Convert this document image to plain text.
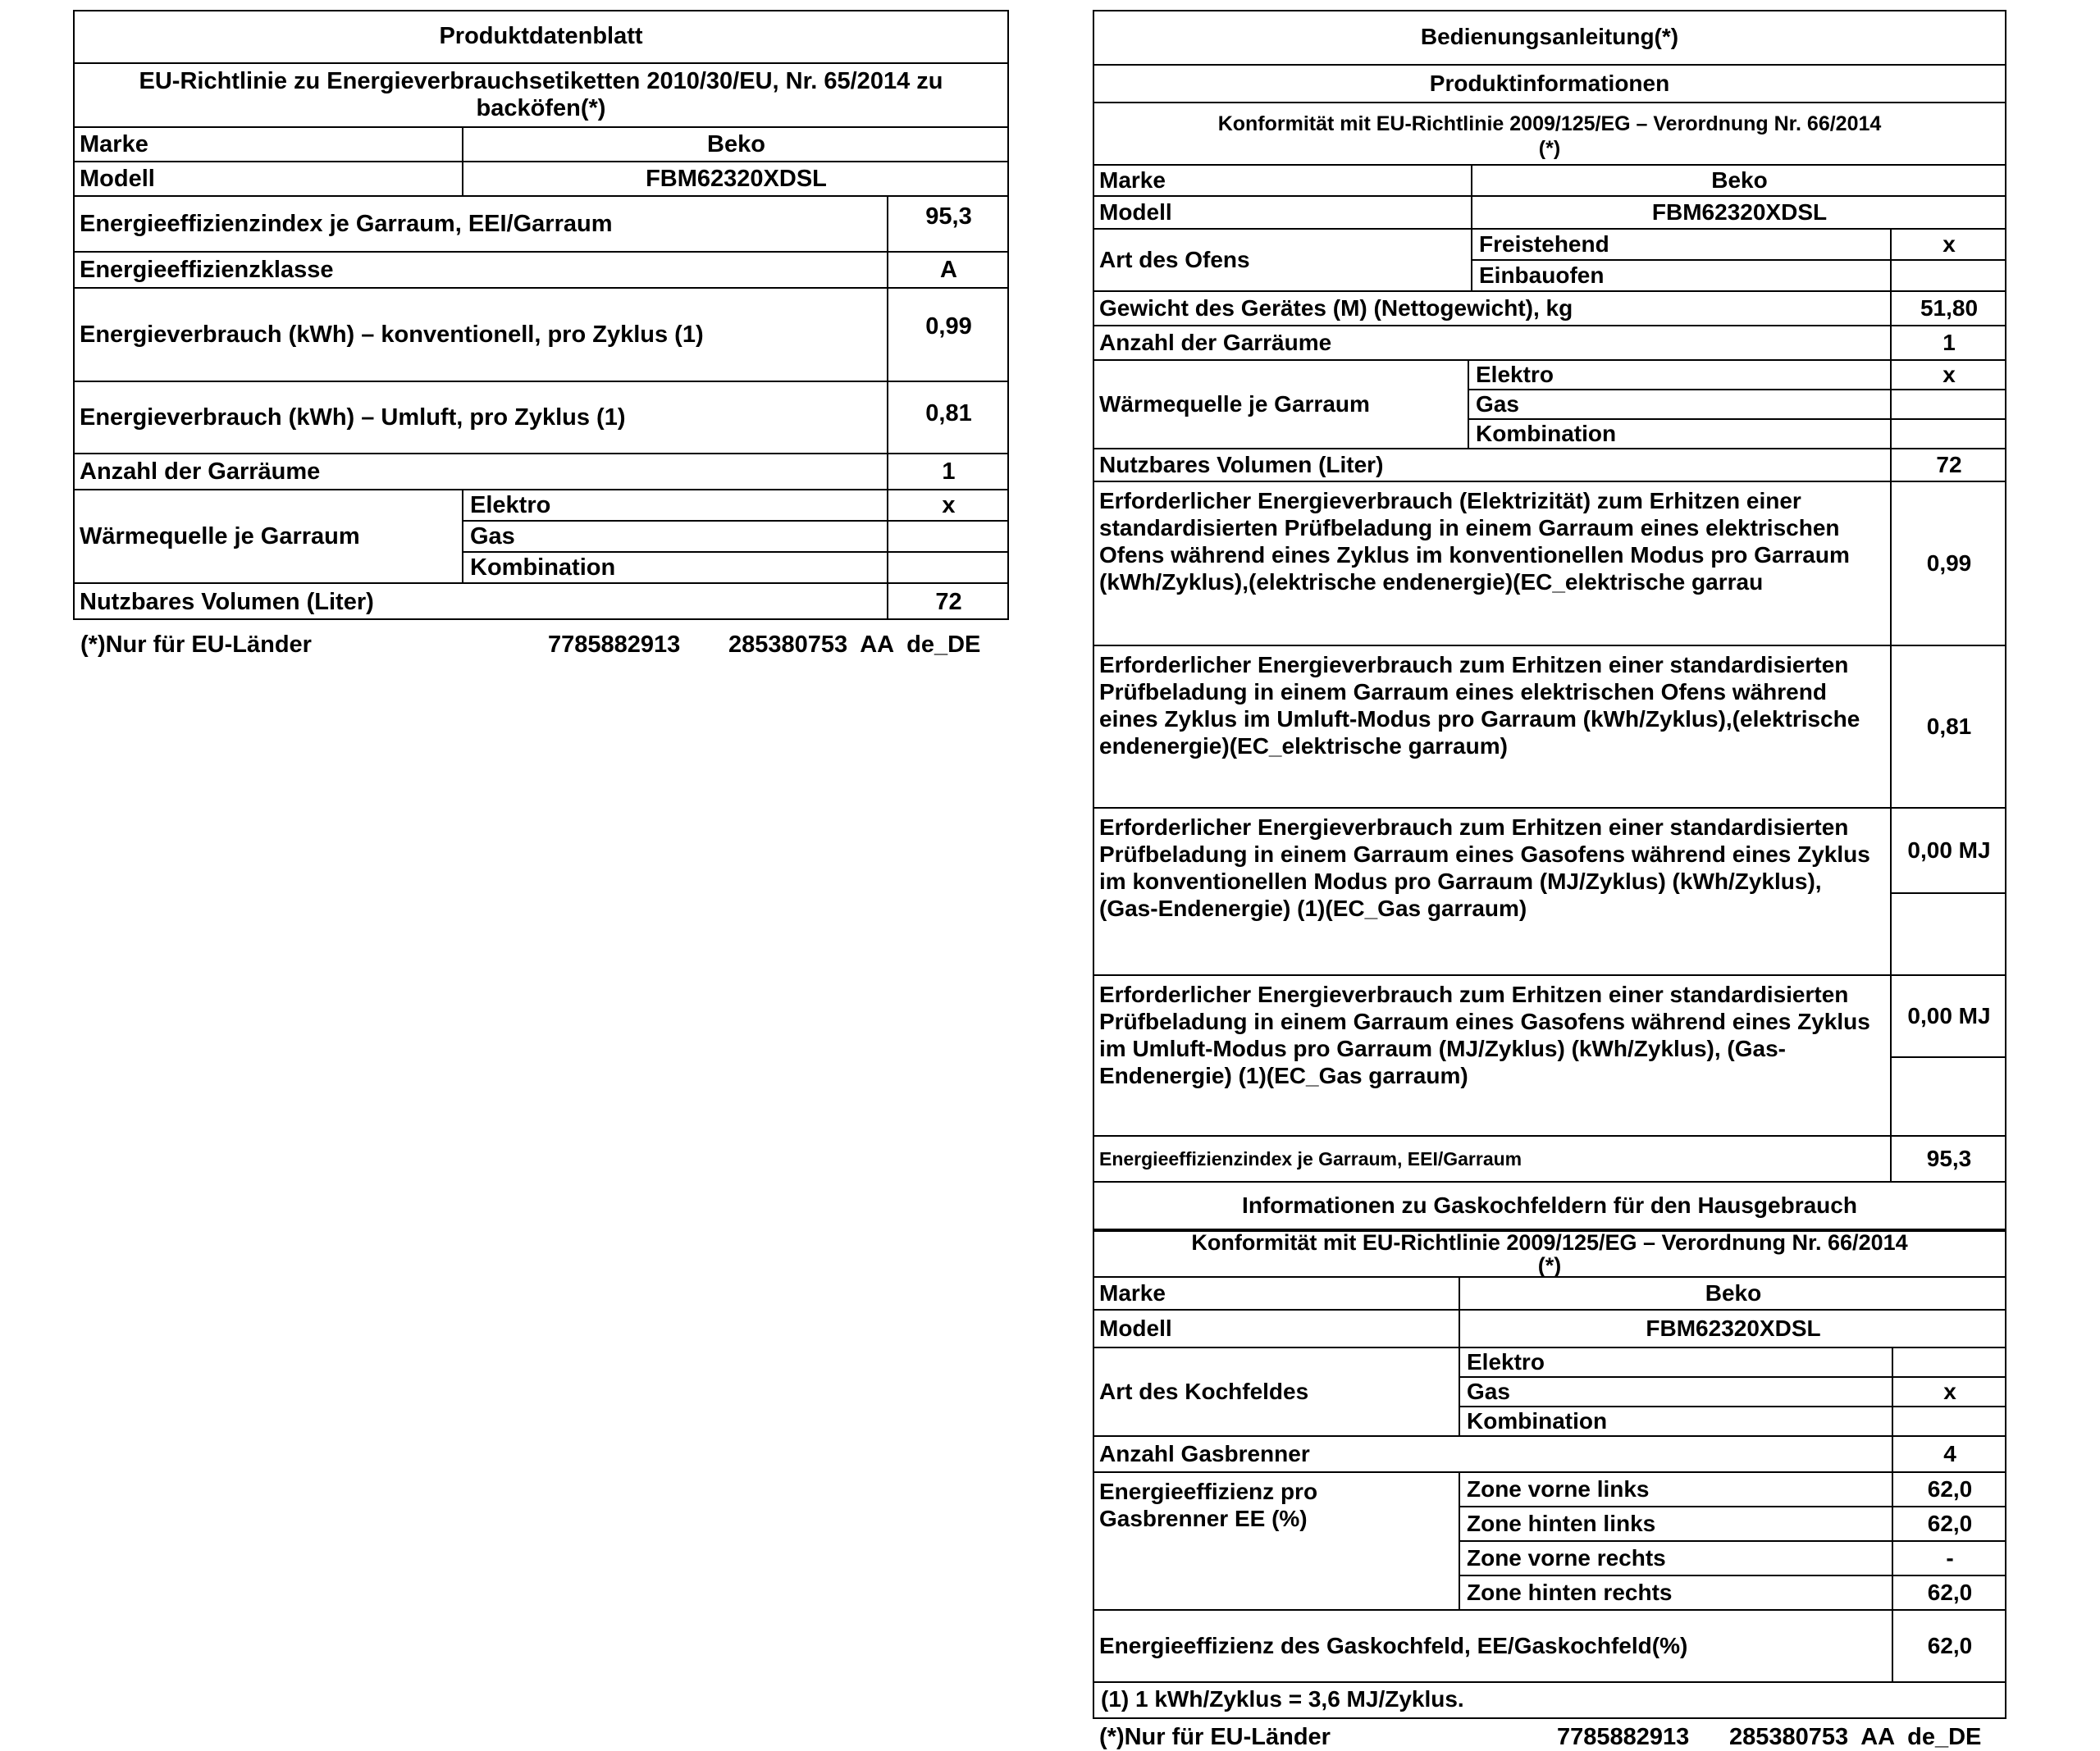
Produktdatenblatt
EU-Richtlinie zu Energieverbrauchsetiketten 2010/30/EU, Nr. 65/2014 zu backöfen(*)
Marke	Beko
Modell	FBM62320XDSL
Energieeffizienzindex je Garraum, EEI/Garraum	95,3
Energieeffizienzklasse	A
Energieverbrauch (kWh) – konventionell, pro Zyklus (1)	0,99
Energieverbrauch (kWh) – Umluft, pro Zyklus (1)	0,81
Anzahl der Garräume	1
Wärmequelle je Garraum
Elektro	x
Gas
Kombination
Nutzbares Volumen (Liter)	72
(*)Nur für EU-Länder	7785882913 285380753  AA  de_DE
Bedienungsanleitung(*)
Produktinformationen
Konformität mit EU-Richtlinie 2009/125/EG – Verordnung Nr. 66/2014
(*)
Marke	Beko
Modell	FBM62320XDSL
Art des Ofens
Freistehend	x
Einbauofen
Gewicht des Gerätes (M) (Nettogewicht), kg	51,80
Anzahl der Garräume	1
Wärmequelle je Garraum
Elektro	x
Gas
Kombination
Nutzbares Volumen (Liter)	72
Erforderlicher Energieverbrauch (Elektrizität) zum Erhitzen einer standardisierten Prüfbeladung in einem Garraum eines elektrischen Ofens während eines Zyklus im konventionellen Modus pro Garraum (kWh/Zyklus),(elektrische endenergie)(EC_elektrische garrau
0,99
Erforderlicher Energieverbrauch zum Erhitzen einer standardisierten Prüfbeladung in einem Garraum eines elektrischen Ofens während eines Zyklus im Umluft-Modus pro Garraum (kWh/Zyklus),(elektrische endenergie)(EC_elektrische garraum)
0,81
Erforderlicher Energieverbrauch zum Erhitzen einer standardisierten Prüfbeladung in einem Garraum eines Gasofens während eines Zyklus im konventionellen Modus pro Garraum (MJ/Zyklus) (kWh/Zyklus), (Gas-Endenergie) (1)(EC_Gas garraum)
0,00 MJ
Erforderlicher Energieverbrauch zum Erhitzen einer standardisierten Prüfbeladung in einem Garraum eines Gasofens während eines Zyklus im Umluft-Modus pro Garraum (MJ/Zyklus) (kWh/Zyklus), (Gas-Endenergie) (1)(EC_Gas garraum)
0,00 MJ
Energieeffizienzindex je Garraum, EEI/Garraum	95,3
Informationen zu Gaskochfeldern für den Hausgebrauch
Konformität mit EU-Richtlinie 2009/125/EG – Verordnung Nr. 66/2014
(*)
Marke	Beko
Modell	FBM62320XDSL
Art des Kochfeldes
Elektro
Gas	x
Kombination
Anzahl Gasbrenner	4
Energieeffizienz pro Gasbrenner EE (%)
Zone vorne links	62,0
Zone hinten links	62,0
Zone vorne rechts	-
Zone hinten rechts	62,0
Energieeffizienz des Gaskochfeld, EE/Gaskochfeld(%)	62,0
(1) 1 kWh/Zyklus = 3,6 MJ/Zyklus.
(*)Nur für EU-Länder	7785882913 285380753  AA  de_DE
